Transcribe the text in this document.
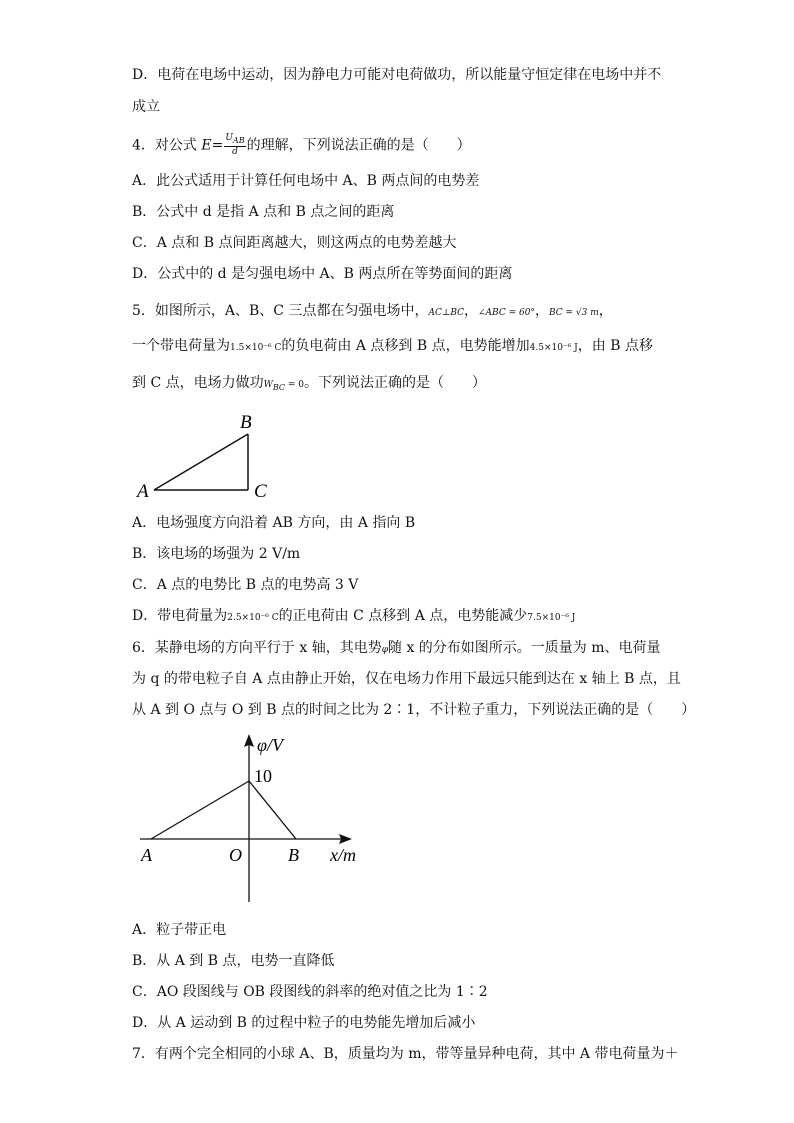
D．电荷在电场中运动，因为静电力可能对电荷做功，所以能量守恒定律在电场中并不
成立
4．对公式 $E= \frac{\text{UAB}}{d}$ 的理解，下列说法正确的是（　　）
A．此公式适用于计算任何电场中 A、B 两点间的电势差
B．公式中 d 是指 A 点和 B 点之间的距离
C．A 点和 B 点间距离越大，则这两点的电势差越大
D．公式中的 d 是匀强电场中 A、B 两点所在等势面间的距离
5．如图所示，A、B、C 三点都在匀强电场中，AC⊥BC，∠ABC = 60°，BC = √3 m，
一个带电荷量为1.5×10⁻⁶ C的负电荷由 A 点移到 B 点，电势能增加4.5×10⁻⁶ J，由 B 点移
到 C 点，电场力做功$W_{BC} = 0$。下列说法正确的是（　　）
B
A	C
A．电场强度方向沿着 AB 方向，由 A 指向 B
B．该电场的场强为 2 V/m
C．A 点的电势比 B 点的电势高 3 V
D．带电荷量为2.5×10⁻⁶ C的正电荷由 C 点移到 A 点，电势能减少7.5×10⁻⁶ J
6．某静电场的方向平行于 x 轴，其电势φ随 x 的分布如图所示。一质量为 m、电荷量
为 q 的带电粒子自 A 点由静止开始，仅在电场力作用下最远只能到达在 x 轴上 B 点，且
从 A 到 O 点与 O 到 B 点的时间之比为 2∶1，不计粒子重力，下列说法正确的是（　　）
φ/V
10
A	O	B x/m
A．粒子带正电
B．从 A 到 B 点，电势一直降低
C．AO 段图线与 OB 段图线的斜率的绝对值之比为 1∶2
D．从 A 运动到 B 的过程中粒子的电势能先增加后减小
7．有两个完全相同的小球 A、B，质量均为 m，带等量异种电荷，其中 A 带电荷量为＋
